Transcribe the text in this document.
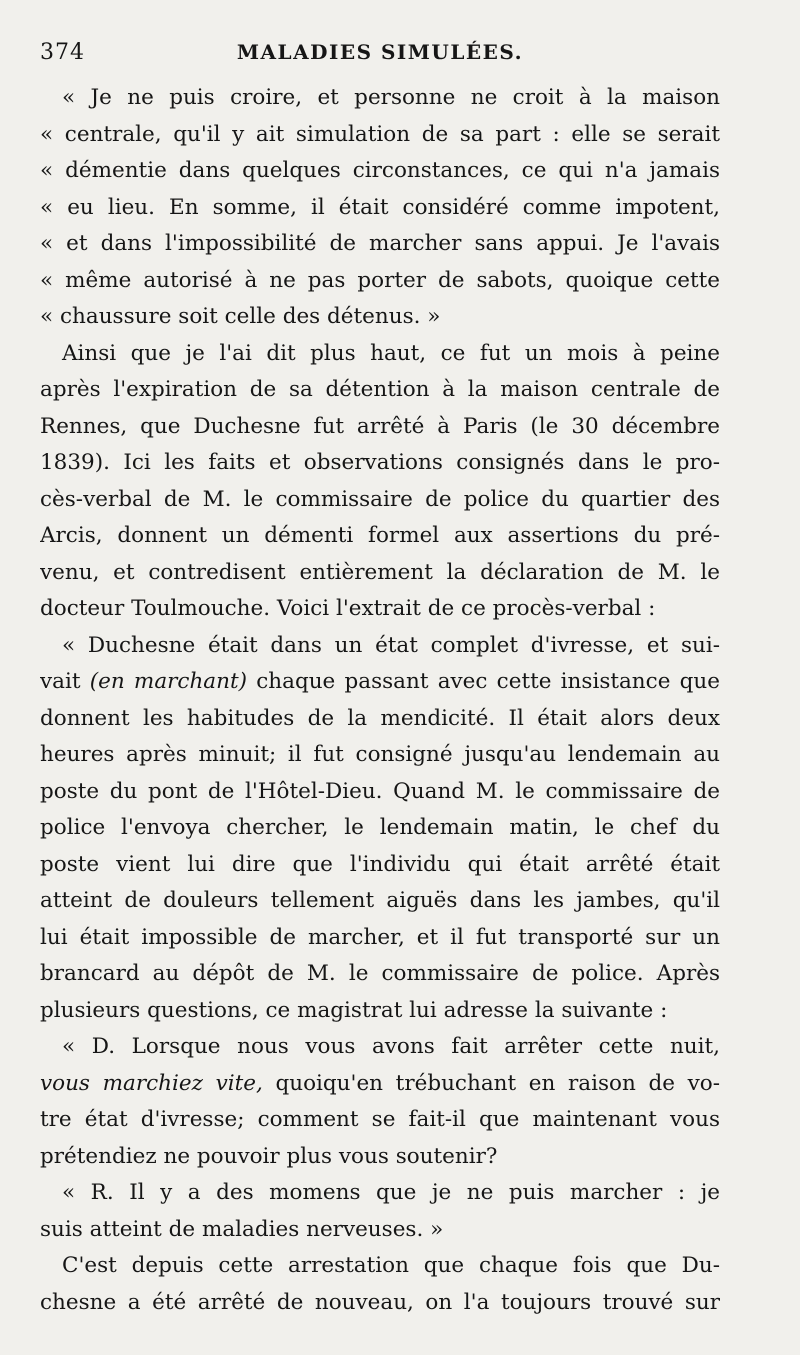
374	MALADIES SIMULÉES.
« Je ne puis croire, et personne ne croit à la maison
« centrale, qu'il y ait simulation de sa part : elle se serait
« démentie dans quelques circonstances, ce qui n'a jamais
« eu lieu. En somme, il était considéré comme impotent,
« et dans l'impossibilité de marcher sans appui. Je l'avais
« même autorisé à ne pas porter de sabots, quoique cette
« chaussure soit celle des détenus. »
Ainsi que je l'ai dit plus haut, ce fut un mois à peine
après l'expiration de sa détention à la maison centrale de
Rennes, que Duchesne fut arrêté à Paris (le 30 décembre
1839). Ici les faits et observations consignés dans le pro-
cès-verbal de M. le commissaire de police du quartier des
Arcis, donnent un démenti formel aux assertions du pré-
venu, et contredisent entièrement la déclaration de M. le
docteur Toulmouche. Voici l'extrait de ce procès-verbal :
« Duchesne était dans un état complet d'ivresse, et sui-
vait (en marchant) chaque passant avec cette insistance que
donnent les habitudes de la mendicité. Il était alors deux
heures après minuit; il fut consigné jusqu'au lendemain au
poste du pont de l'Hôtel-Dieu. Quand M. le commissaire de
police l'envoya chercher, le lendemain matin, le chef du
poste vient lui dire que l'individu qui était arrêté était
atteint de douleurs tellement aiguës dans les jambes, qu'il
lui était impossible de marcher, et il fut transporté sur un
brancard au dépôt de M. le commissaire de police. Après
plusieurs questions, ce magistrat lui adresse la suivante :
« D. Lorsque nous vous avons fait arrêter cette nuit,
vous marchiez vite, quoiqu'en trébuchant en raison de vo-
tre état d'ivresse; comment se fait-il que maintenant vous
prétendiez ne pouvoir plus vous soutenir?
« R. Il y a des momens que je ne puis marcher : je
suis atteint de maladies nerveuses. »
C'est depuis cette arrestation que chaque fois que Du-
chesne a été arrêté de nouveau, on l'a toujours trouvé sur
